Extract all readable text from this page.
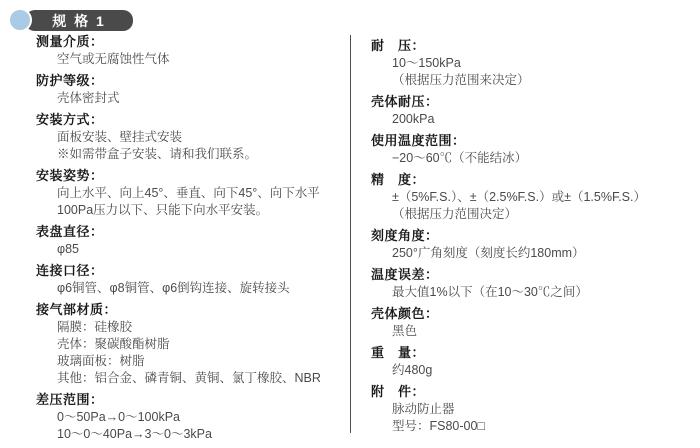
规 格 1
测量介质：
空气或无腐蚀性气体
防护等级：
壳体密封式
安装方式：
面板安装、壁挂式安装
※如需带盒子安装、请和我们联系。
安装姿势：
向上水平、向上45°、垂直、向下45°、向下水平
100Pa压力以下、只能下向水平安装。
表盘直径：
φ85
连接口径：
φ6铜管、φ8铜管、φ6倒钩连接、旋转接头
接气部材质：
隔膜：硅橡胶
壳体：聚碳酸酯树脂
玻璃面板：树脂
其他：铝合金、磷青铜、黄铜、氯丁橡胶、NBR
差压范围：
0～50Pa→0～100kPa
10～0～40Pa→3～0～3kPa
耐　压：
10～150kPa
（根据压力范围来决定）
壳体耐压：
200kPa
使用温度范围：
−20～60℃（不能结冰）
精　度：
±（5%F.S.）、±（2.5%F.S.）或±（1.5%F.S.）
（根据压力范围决定）
刻度角度：
250°广角刻度（刻度长约180mm）
温度误差：
最大值1%以下（在10～30℃之间）
壳体颜色：
黑色
重　量：
约480g
附　件：
脉动防止器
型号：FS80-00□
